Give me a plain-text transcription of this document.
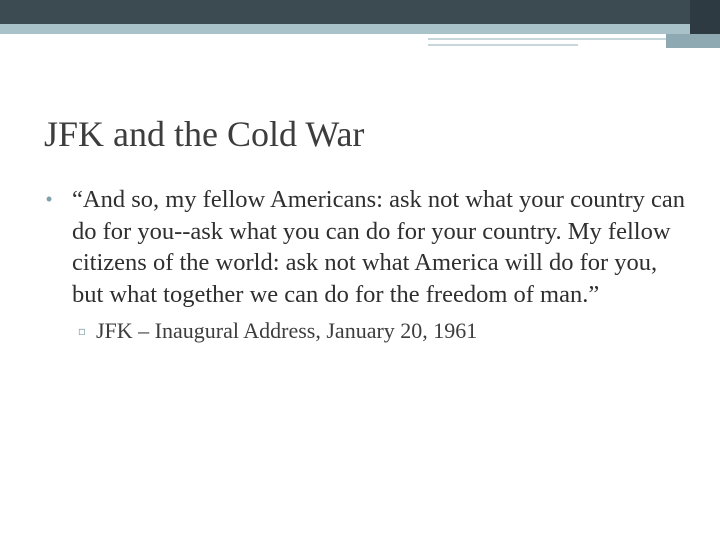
JFK and the Cold War
• “And so, my fellow Americans: ask not what your country can do for you--ask what you can do for your country. My fellow citizens of the world: ask not what America will do for you, but what together we can do for the freedom of man.”
▫ JFK – Inaugural Address, January 20, 1961
